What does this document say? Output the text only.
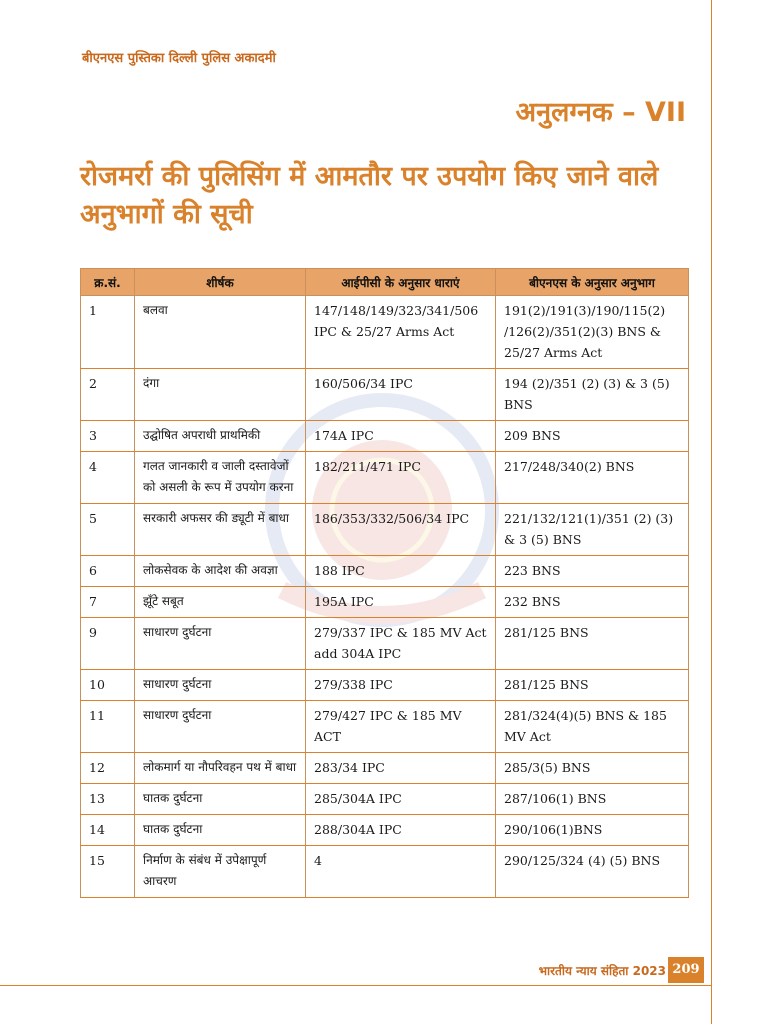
बीएनएस पुस्तिका दिल्ली पुलिस अकादमी
अनुलग्नक – VII
रोजमर्रा की पुलिसिंग में आमतौर पर उपयोग किए जाने वाले अनुभागों की सूची
क्र.सं.	शीर्षक	आईपीसी के अनुसार धाराएं	बीएनएस के अनुसार अनुभाग
1	बलवा	147/148/149/323/341/506 IPC & 25/27 Arms Act	191(2)/191(3)/190/115(2) /126(2)/351(2)(3) BNS & 25/27 Arms Act
2	दंगा	160/506/34 IPC	194 (2)/351 (2) (3) & 3 (5) BNS
3	उद्घोषित अपराधी प्राथमिकी	174A IPC	209 BNS
4	गलत जानकारी व जाली दस्तावेजों को असली के रूप में उपयोग करना	182/211/471 IPC	217/248/340(2) BNS
5	सरकारी अफसर की ड्यूटी में बाधा	186/353/332/506/34 IPC	221/132/121(1)/351 (2) (3) & 3 (5) BNS
6	लोकसेवक के आदेश की अवज्ञा	188 IPC	223 BNS
7	झूँटे सबूत	195A IPC	232 BNS
9	साधारण दुर्घटना	279/337 IPC & 185 MV Act add 304A IPC	281/125 BNS
10	साधारण दुर्घटना	279/338 IPC	281/125 BNS
11	साधारण दुर्घटना	279/427 IPC & 185 MV ACT	281/324(4)(5) BNS & 185 MV Act
12	लोकमार्ग या नौपरिवहन पथ में बाधा	283/34 IPC	285/3(5) BNS
13	घातक दुर्घटना	285/304A IPC	287/106(1) BNS
14	घातक दुर्घटना	288/304A IPC	290/106(1)BNS
15	निर्माण के संबंध में उपेक्षापूर्ण आचरण	4	290/125/324 (4) (5) BNS
भारतीय न्याय संहिता 2023 209
